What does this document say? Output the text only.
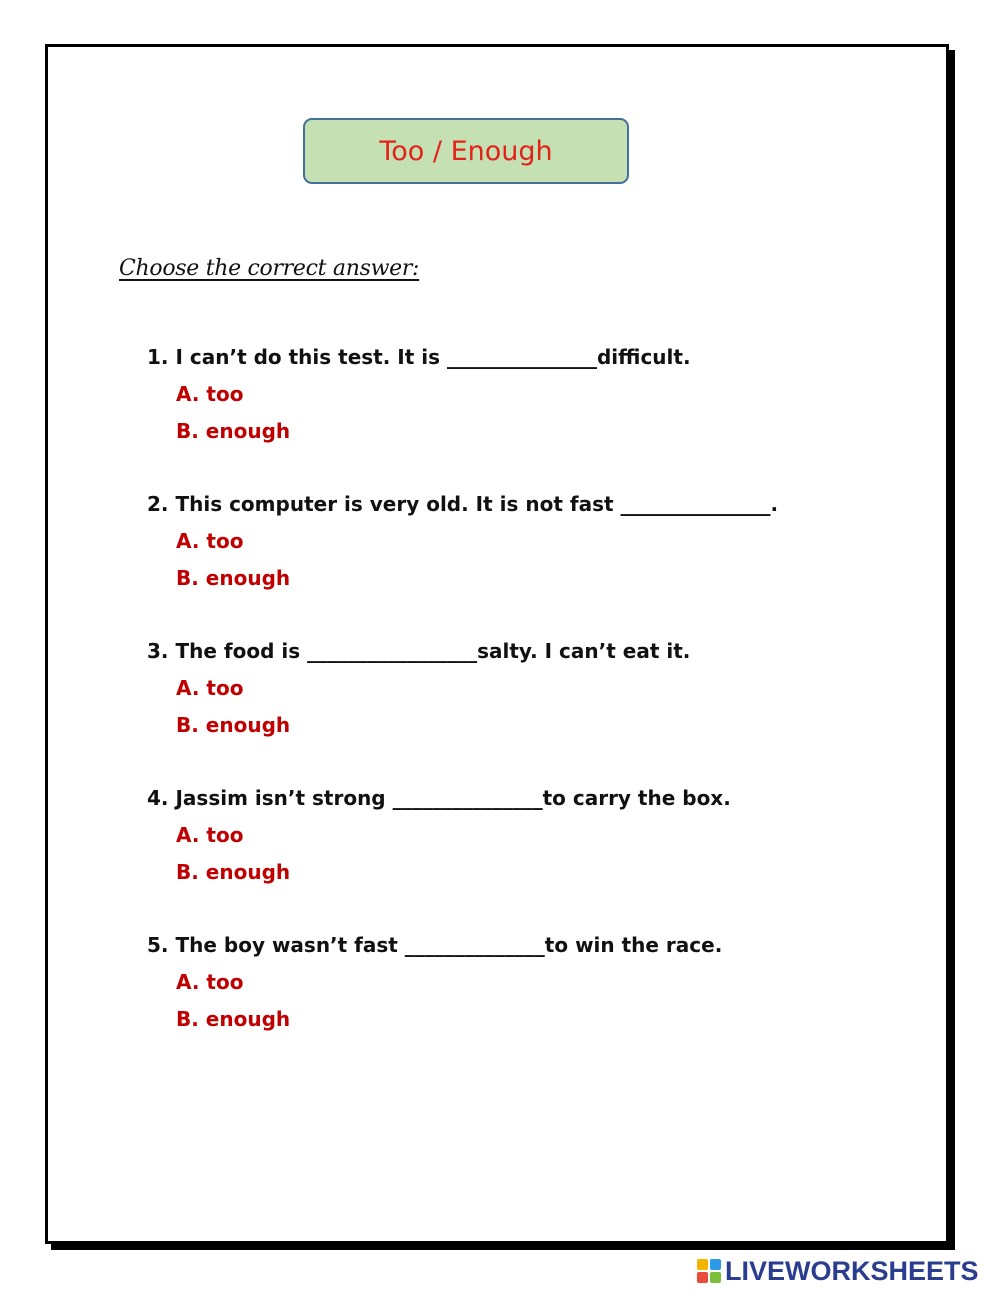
Too / Enough
Choose the correct answer:
1. I can’t do this test. It is _______________difficult.
A. too
B. enough
2. This computer is very old. It is not fast _______________.
A. too
B. enough
3. The food is _________________salty. I can’t eat it.
A. too
B. enough
4. Jassim isn’t strong _______________to carry the box.
A. too
B. enough
5. The boy wasn’t fast ______________to win the race.
A. too
B. enough
LIVEWORKSHEETS
